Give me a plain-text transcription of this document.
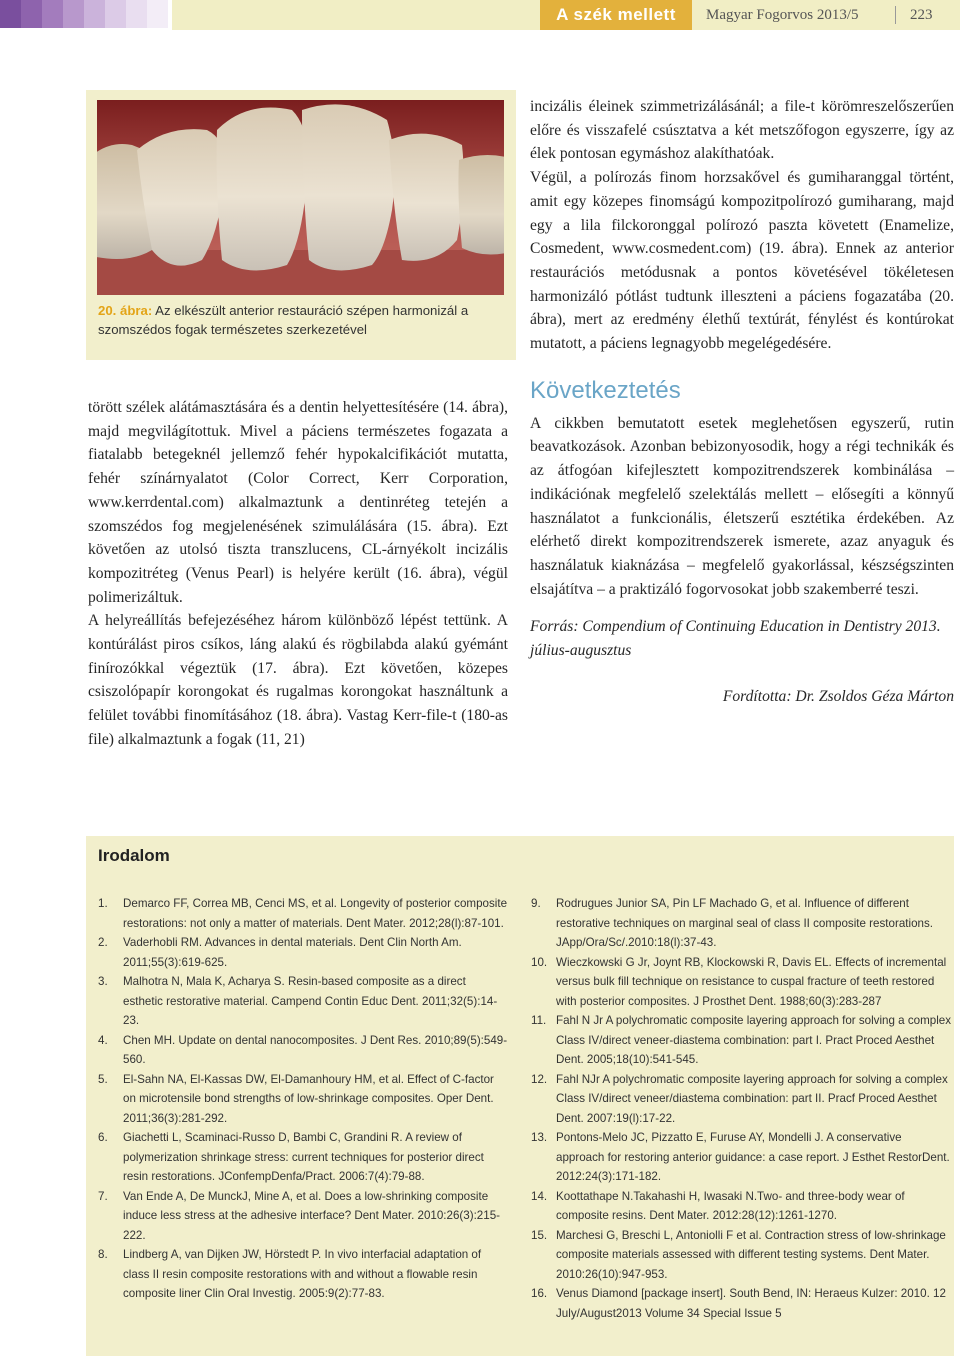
A szék mellett	Magyar Fogorvos 2013/5	223
20. ábra: Az elkészült anterior restauráció szépen harmonizál a szomszédos fogak természetes szerkezetével

törött szélek alátámasztására és a dentin helyettesítésére (14. ábra), majd megvilágítottuk. Mivel a páciens természetes fogazata a fiatalabb betegeknél jellemző fehér hypokalcifikációt mutatta, fehér színárnyalatot (Color Correct, Kerr Corporation, www.kerrdental.com) alkalmaztunk a dentinréteg tetején a szomszédos fog megjelenésének szimulálására (15. ábra). Ezt követően az utolsó tiszta transzlucens, CL-árnyékolt incizális kompozitréteg (Venus Pearl) is helyére került (16. ábra), végül polimerizáltuk.

A helyreállítás befejezéséhez három különböző lépést tettünk. A kontúrálást piros csíkos, láng alakú és rögbilabda alakú gyémánt finírozókkal végeztük (17. ábra). Ezt követően, közepes csiszolópapír korongokat és rugalmas korongokat használtunk a felület további finomításához (18. ábra). Vastag Kerr-file-t (180-as file) alkalmaztunk a fogak (11, 21)

incizális éleinek szimmetrizálásánál; a file-t körömreszelőszerűen előre és visszafelé csúsztatva a két metszőfogon egyszerre, így az élek pontosan egymáshoz alakíthatóak.

Végül, a polírozás finom horzsakővel és gumiharanggal történt, amit egy közepes finomságú kompozitpolírozó gumiharang, majd egy a lila filckoronggal polírozó paszta követett (Enamelize, Cosmedent, www.cosmedent.com) (19. ábra). Ennek az anterior restaurációs metódusnak a pontos követésével tökéletesen harmonizáló pótlást tudtunk illeszteni a páciens fogazatába (20. ábra), mert az eredmény élethű textúrát, fénylést és kontúrokat mutatott, a páciens legnagyobb megelégedésére.

Következtetés

A cikkben bemutatott esetek meglehetősen egyszerű, rutin beavatkozások. Azonban bebizonyosodik, hogy a régi technikák és az átfogóan kifejlesztett kompozitrendszerek kombinálása – indikációnak megfelelő szelektálás mellett – elősegíti a könnyű használatot a funkcionális, életszerű esztétika érdekében. Az elérhető direkt kompozitrendszerek ismerete, azaz anyaguk és használatuk kiaknázása – megfelelő gyakorlással, készségszinten elsajátítva – a praktizáló fogorvosokat jobb szakemberré teszi.

Forrás: Compendium of Continuing Education in Dentistry 2013. július-augusztus

Fordította: Dr. Zsoldos Géza Márton

Irodalom
1.	Demarco FF, Correa MB, Cenci MS, et al. Longevity of posterior composite restorations: not only a matter of materials. Dent Mater. 2012;28(l):87-101.
2.	Vaderhobli RM. Advances in dental materials. Dent Clin North Am. 2011;55(3):619-625.
3.	Malhotra N, Mala K, Acharya S. Resin-based composite as a direct esthetic restorative material. Campend Contin Educ Dent. 2011;32(5):14-23.
4.	Chen MH. Update on dental nanocomposites. J Dent Res. 2010;89(5):549-560.
5.	El-Sahn NA, El-Kassas DW, El-Damanhoury HM, et al. Effect of C-factor on microtensile bond strengths of low-shrinkage composites. Oper Dent. 2011;36(3):281-292.
6.	Giachetti L, Scaminaci-Russo D, Bambi C, Grandini R. A review of polymerization shrinkage stress: current techniques for posterior direct resin restorations. JConfempDenfa/Pract. 2006:7(4):79-88.
7.	Van Ende A, De MunckJ, Mine A, et al. Does a low-shrinking composite induce less stress at the adhesive interface? Dent Mater. 2010:26(3):215-222.
8.	Lindberg A, van Dijken JW, Hörstedt P. In vivo interfacial adaptation of class II resin composite restorations with and without a flowable resin composite liner Clin Oral Investig. 2005:9(2):77-83.
9.	Rodrugues Junior SA, Pin LF Machado G, et al. Influence of different restorative techniques on marginal seal of class II composite restorations. JApp/Ora/Sc/.2010:18(l):37-43.
10. Wieczkowski G Jr, Joynt RB, Klockowski R, Davis EL. Effects of incremental versus bulk fill technique on resistance to cuspal fracture of teeth restored with posterior composites. J Prosthet Dent. 1988;60(3):283-287
11. Fahl N Jr A polychromatic composite layering approach for solving a complex Class IV/direct veneer-diastema combination: part I. Pract Proced Aesthet Dent. 2005;18(10):541-545.
12. Fahl NJr A polychromatic composite layering approach for solving a complex Class IV/direct veneer/diastema combination: part II. Pracf Proced Aesthet Dent. 2007:19(l):17-22.
13. Pontons-Melo JC, Pizzatto E, Furuse AY, Mondelli J. A conservative approach for restoring anterior guidance: a case report. J Esthet RestorDent. 2012:24(3):171-182.
14. Koottathape N.Takahashi H, Iwasaki N.Two- and three-body wear of composite resins. Dent Mater. 2012:28(12):1261-1270.
15. Marchesi G, Breschi L, Antoniolli F et al. Contraction stress of low-shrinkage composite materials assessed with different testing systems. Dent Mater. 2010:26(10):947-953.
16. Venus Diamond [package insert]. South Bend, IN: Heraeus Kulzer: 2010. 12 July/August2013 Volume 34 Special Issue 5
